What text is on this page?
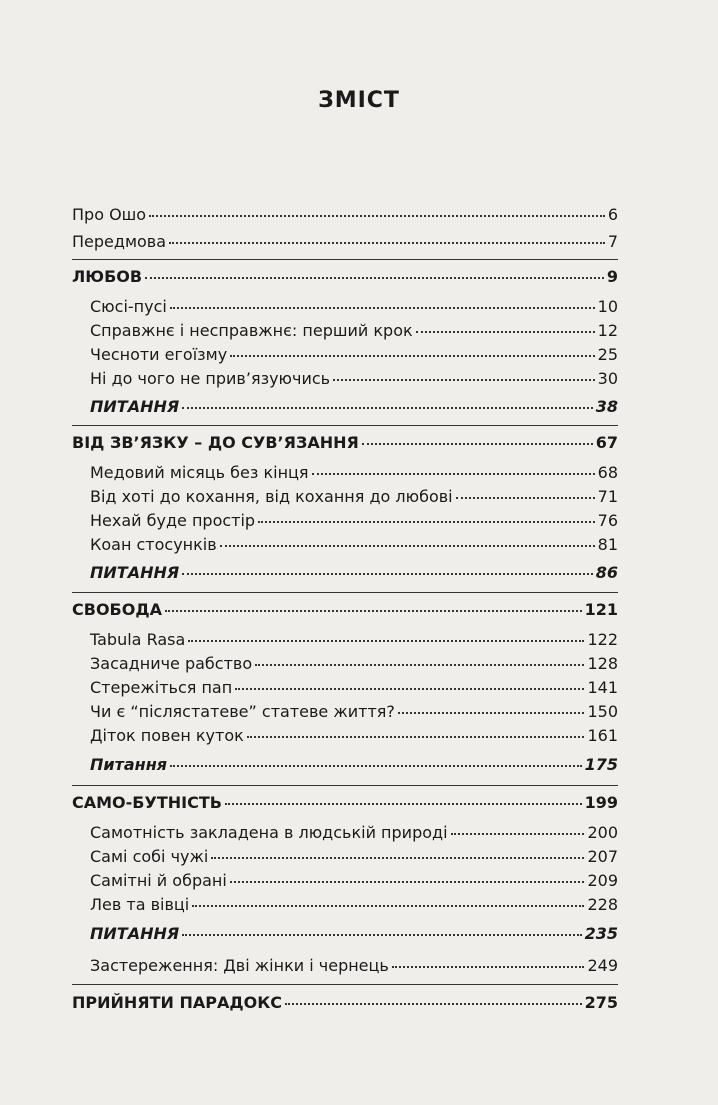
ЗМІСТ
Про Ошо	6
Передмова	7
ЛЮБОВ	9
Сюсі-пусі	10
Справжнє і несправжнє: перший крок	12
Чесноти егоїзму	25
Ні до чого не прив’язуючись	30
ПИТАННЯ	38
ВІД ЗВ’ЯЗКУ – ДО СУВ’ЯЗАННЯ	67
Медовий місяць без кінця	68
Від хоті до кохання, від кохання до любові	71
Нехай буде простір	76
Коан стосунків	81
ПИТАННЯ	86
СВОБОДА	121
Tabula Rasa	122
Засадниче рабство	128
Стережіться пап	141
Чи є “післястатеве” статеве життя?	150
Діток повен куток	161
Питання	175
САМО-БУТНІСТЬ	199
Самотність закладена в людській природі	200
Самі собі чужі	207
Самітні й обрані	209
Лев та вівці	228
ПИТАННЯ	235
Застереження: Дві жінки і чернець	249
ПРИЙНЯТИ ПАРАДОКС	275
